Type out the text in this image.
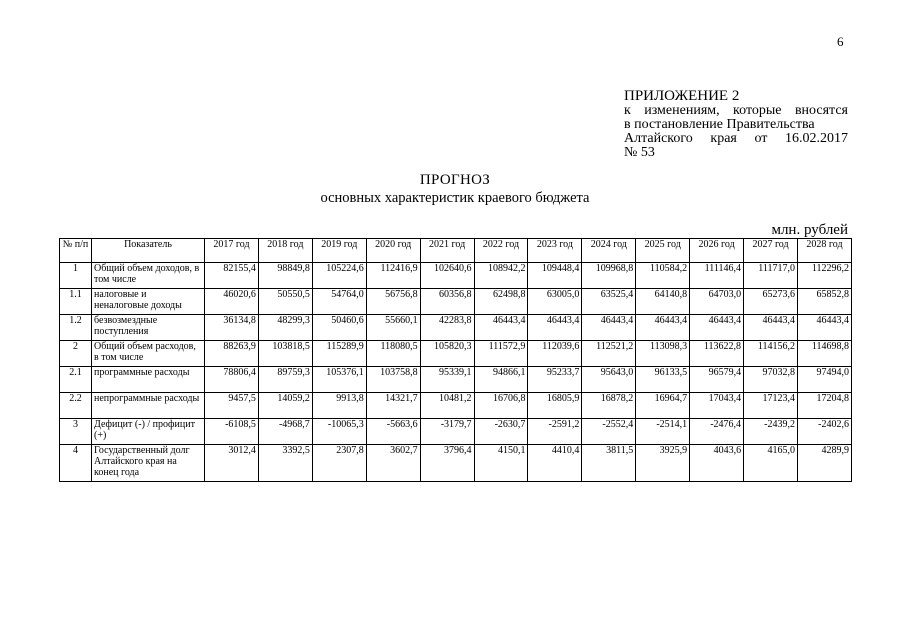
6
ПРИЛОЖЕНИЕ 2
к изменениям, которые вносятся
в постановление Правительства
Алтайского края от 16.02.2017
№ 53
ПРОГНОЗ
основных характеристик краевого бюджета
млн. рублей
№ п/п	Показатель	2017 год	2018 год	2019 год	2020 год	2021 год	2022 год	2023 год	2024 год	2025 год	2026 год	2027 год	2028 год
1	Общий объем доходов, в том числе	82155,4	98849,8	105224,6	112416,9	102640,6	108942,2	109448,4	109968,8	110584,2	111146,4	111717,0	112296,2
1.1	налоговые и неналоговые доходы	46020,6	50550,5	54764,0	56756,8	60356,8	62498,8	63005,0	63525,4	64140,8	64703,0	65273,6	65852,8
1.2	безвозмездные поступления	36134,8	48299,3	50460,6	55660,1	42283,8	46443,4	46443,4	46443,4	46443,4	46443,4	46443,4	46443,4
2	Общий объем расходов, в том числе	88263,9	103818,5	115289,9	118080,5	105820,3	111572,9	112039,6	112521,2	113098,3	113622,8	114156,2	114698,8
2.1	программные расходы	78806,4	89759,3	105376,1	103758,8	95339,1	94866,1	95233,7	95643,0	96133,5	96579,4	97032,8	97494,0
2.2	непрограммные расходы	9457,5	14059,2	9913,8	14321,7	10481,2	16706,8	16805,9	16878,2	16964,7	17043,4	17123,4	17204,8
3	Дефицит (-) / профицит (+)	-6108,5	-4968,7	-10065,3	-5663,6	-3179,7	-2630,7	-2591,2	-2552,4	-2514,1	-2476,4	-2439,2	-2402,6
4	Государственный долг Алтайского края на конец года	3012,4	3392,5	2307,8	3602,7	3796,4	4150,1	4410,4	3811,5	3925,9	4043,6	4165,0	4289,9
